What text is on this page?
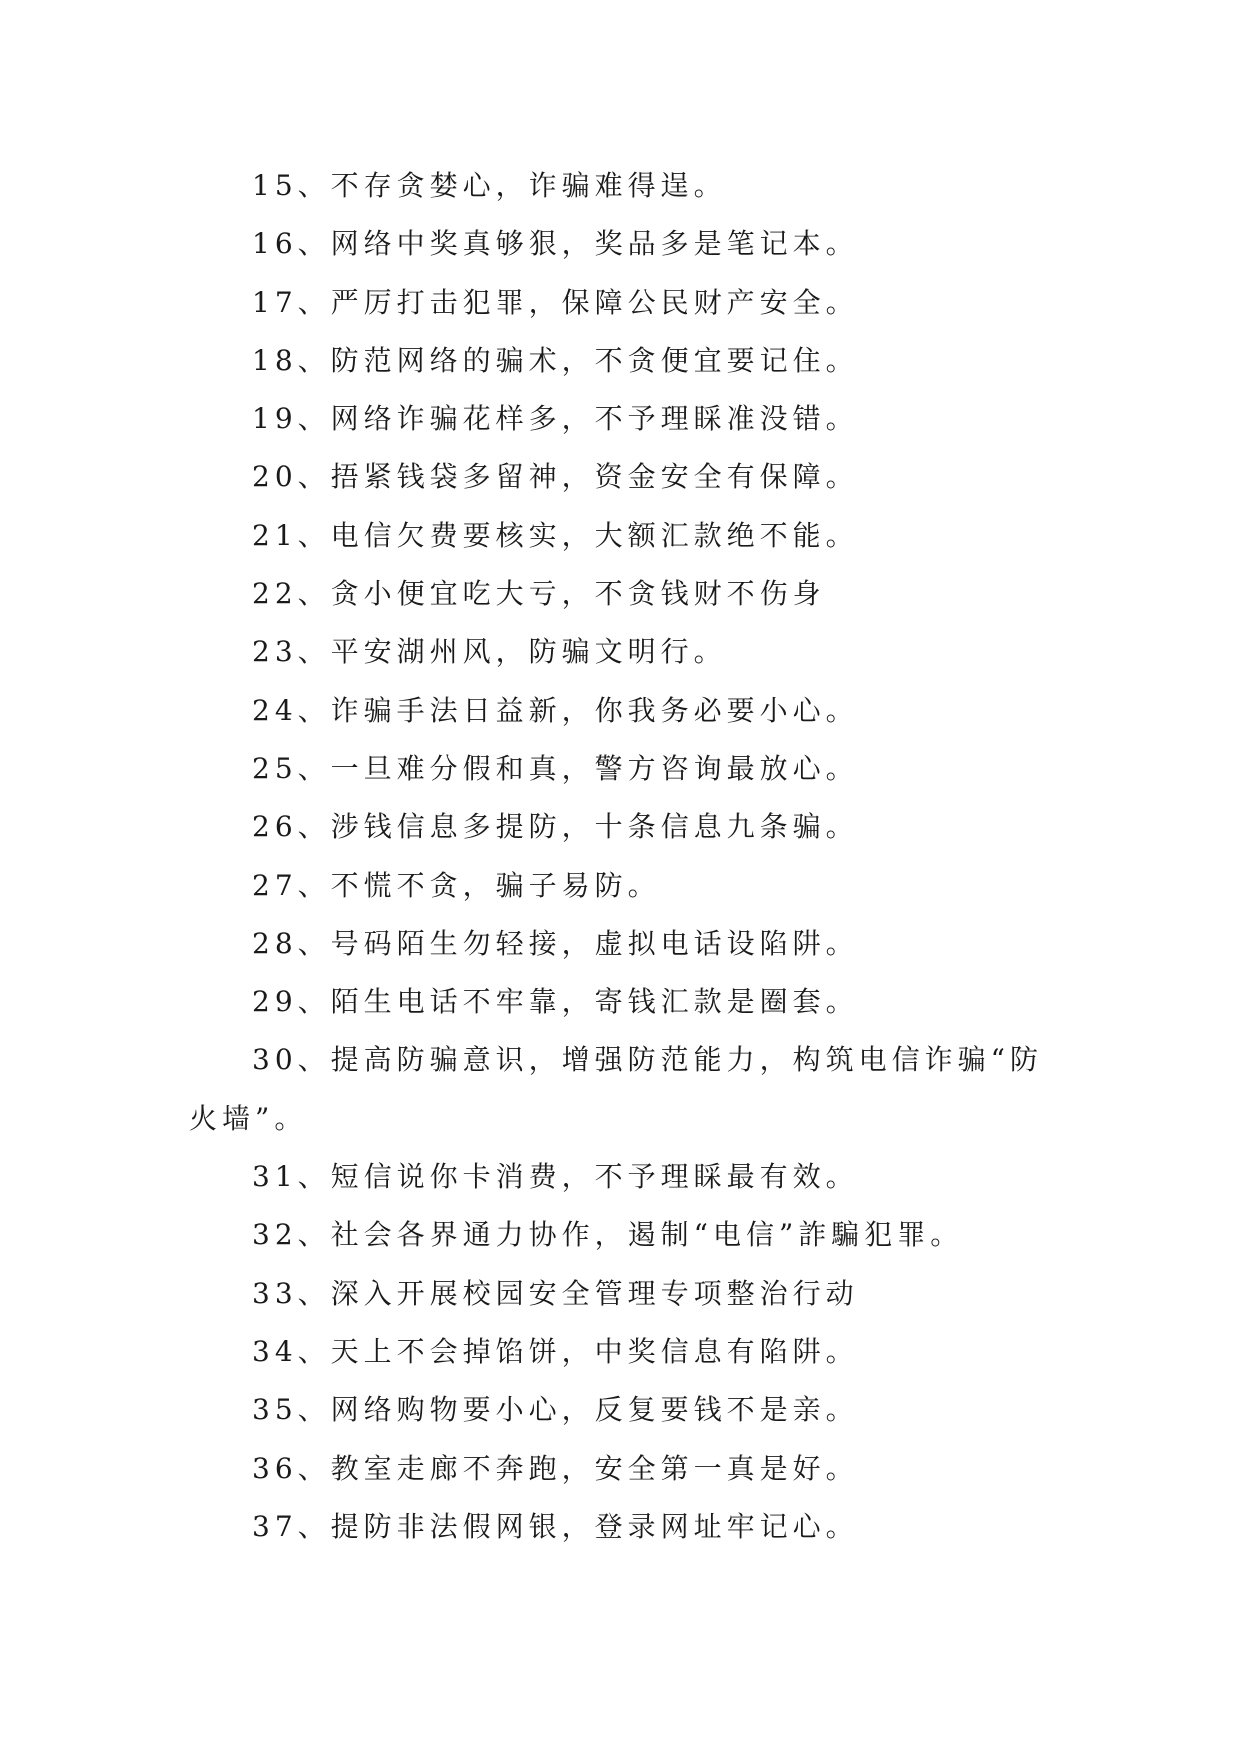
15、不存贪婪心，诈骗难得逞。

16、网络中奖真够狠，奖品多是笔记本。

17、严厉打击犯罪，保障公民财产安全。

18、防范网络的骗术，不贪便宜要记住。

19、网络诈骗花样多，不予理睬准没错。

20、捂紧钱袋多留神，资金安全有保障。

21、电信欠费要核实，大额汇款绝不能。

22、贪小便宜吃大亏，不贪钱财不伤身

23、平安湖州风，防骗文明行。

24、诈骗手法日益新，你我务必要小心。

25、一旦难分假和真，警方咨询最放心。

26、涉钱信息多提防，十条信息九条骗。

27、不慌不贪，骗子易防。

28、号码陌生勿轻接，虚拟电话设陷阱。

29、陌生电话不牢靠，寄钱汇款是圈套。

30、提高防骗意识，增强防范能力，构筑电信诈骗“防火墙”。

31、短信说你卡消费，不予理睬最有效。

32、社会各界通力协作，遏制“电信”詐騙犯罪。

33、深入开展校园安全管理专项整治行动

34、天上不会掉馅饼，中奖信息有陷阱。

35、网络购物要小心，反复要钱不是亲。

36、教室走廊不奔跑，安全第一真是好。

37、提防非法假网银，登录网址牢记心。
